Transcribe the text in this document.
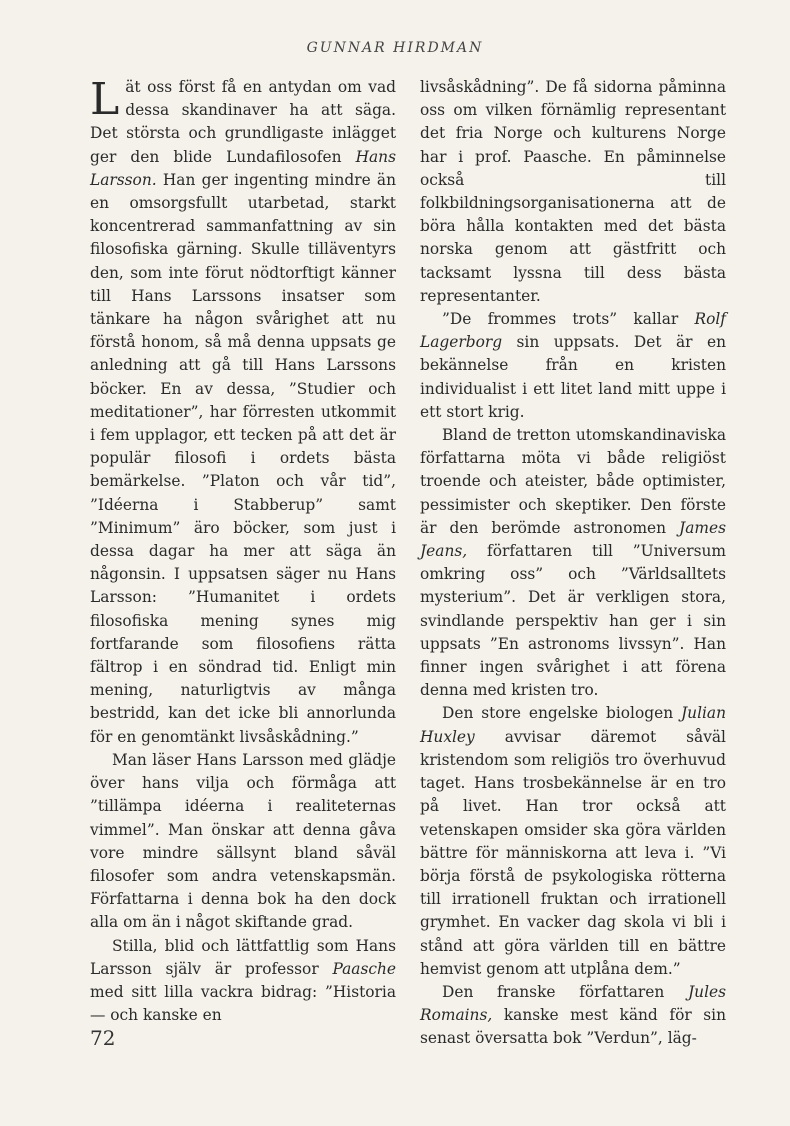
GUNNAR HIRDMAN

Lät oss först få en antydan om vad dessa skandinaver ha att säga. Det största och grundligaste inlägget ger den blide Lundafilosofen Hans Larsson. Han ger ingenting mindre än en omsorgsfullt utarbetad, starkt koncentrerad sammanfattning av sin filosofiska gärning. Skulle tilläventyrs den, som inte förut nödtorftigt känner till Hans Larssons insatser som tänkare ha någon svårighet att nu förstå honom, så må denna uppsats ge anledning att gå till Hans Larssons böcker. En av dessa, ”Studier och meditationer”, har förresten utkommit i fem upplagor, ett tecken på att det är populär filosofi i ordets bästa bemärkelse. ”Platon och vår tid”, ”Idéerna i Stabberup” samt ”Minimum” äro böcker, som just i dessa dagar ha mer att säga än någonsin. I uppsatsen säger nu Hans Larsson: ”Humanitet i ordets filosofiska mening synes mig fortfarande som filosofiens rätta fältrop i en söndrad tid. Enligt min mening, naturligtvis av många bestridd, kan det icke bli annorlunda för en genomtänkt livsåskådning.”

Man läser Hans Larsson med glädje över hans vilja och förmåga att ”tillämpa idéerna i realiteternas vimmel”. Man önskar att denna gåva vore mindre sällsynt bland såväl filosofer som andra vetenskapsmän. Författarna i denna bok ha den dock alla om än i något skiftande grad.

Stilla, blid och lättfattlig som Hans Larsson själv är professor Paasche med sitt lilla vackra bidrag: ”Historia — och kanske en

livsåskådning”. De få sidorna påminna oss om vilken förnämlig representant det fria Norge och kulturens Norge har i prof. Paasche. En påminnelse också till folkbildningsorganisationerna att de böra hålla kontakten med det bästa norska genom att gästfritt och tacksamt lyssna till dess bästa representanter.

”De frommes trots” kallar Rolf Lagerborg sin uppsats. Det är en bekännelse från en kristen individualist i ett litet land mitt uppe i ett stort krig.

Bland de tretton utomskandinaviska författarna möta vi både religiöst troende och ateister, både optimister, pessimister och skeptiker. Den förste är den berömde astronomen James Jeans, författaren till ”Universum omkring oss” och ”Världsalltets mysterium”. Det är verkligen stora, svindlande perspektiv han ger i sin uppsats ”En astronoms livssyn”. Han finner ingen svårighet i att förena denna med kristen tro.

Den store engelske biologen Julian Huxley avvisar däremot såväl kristendom som religiös tro överhuvud taget. Hans trosbekännelse är en tro på livet. Han tror också att vetenskapen omsider ska göra världen bättre för människorna att leva i. ”Vi börja förstå de psykologiska rötterna till irrationell fruktan och irrationell grymhet. En vacker dag skola vi bli i stånd att göra världen till en bättre hemvist genom att utplåna dem.”

Den franske författaren Jules Romains, kanske mest känd för sin senast översatta bok ”Verdun”, läg-

72
